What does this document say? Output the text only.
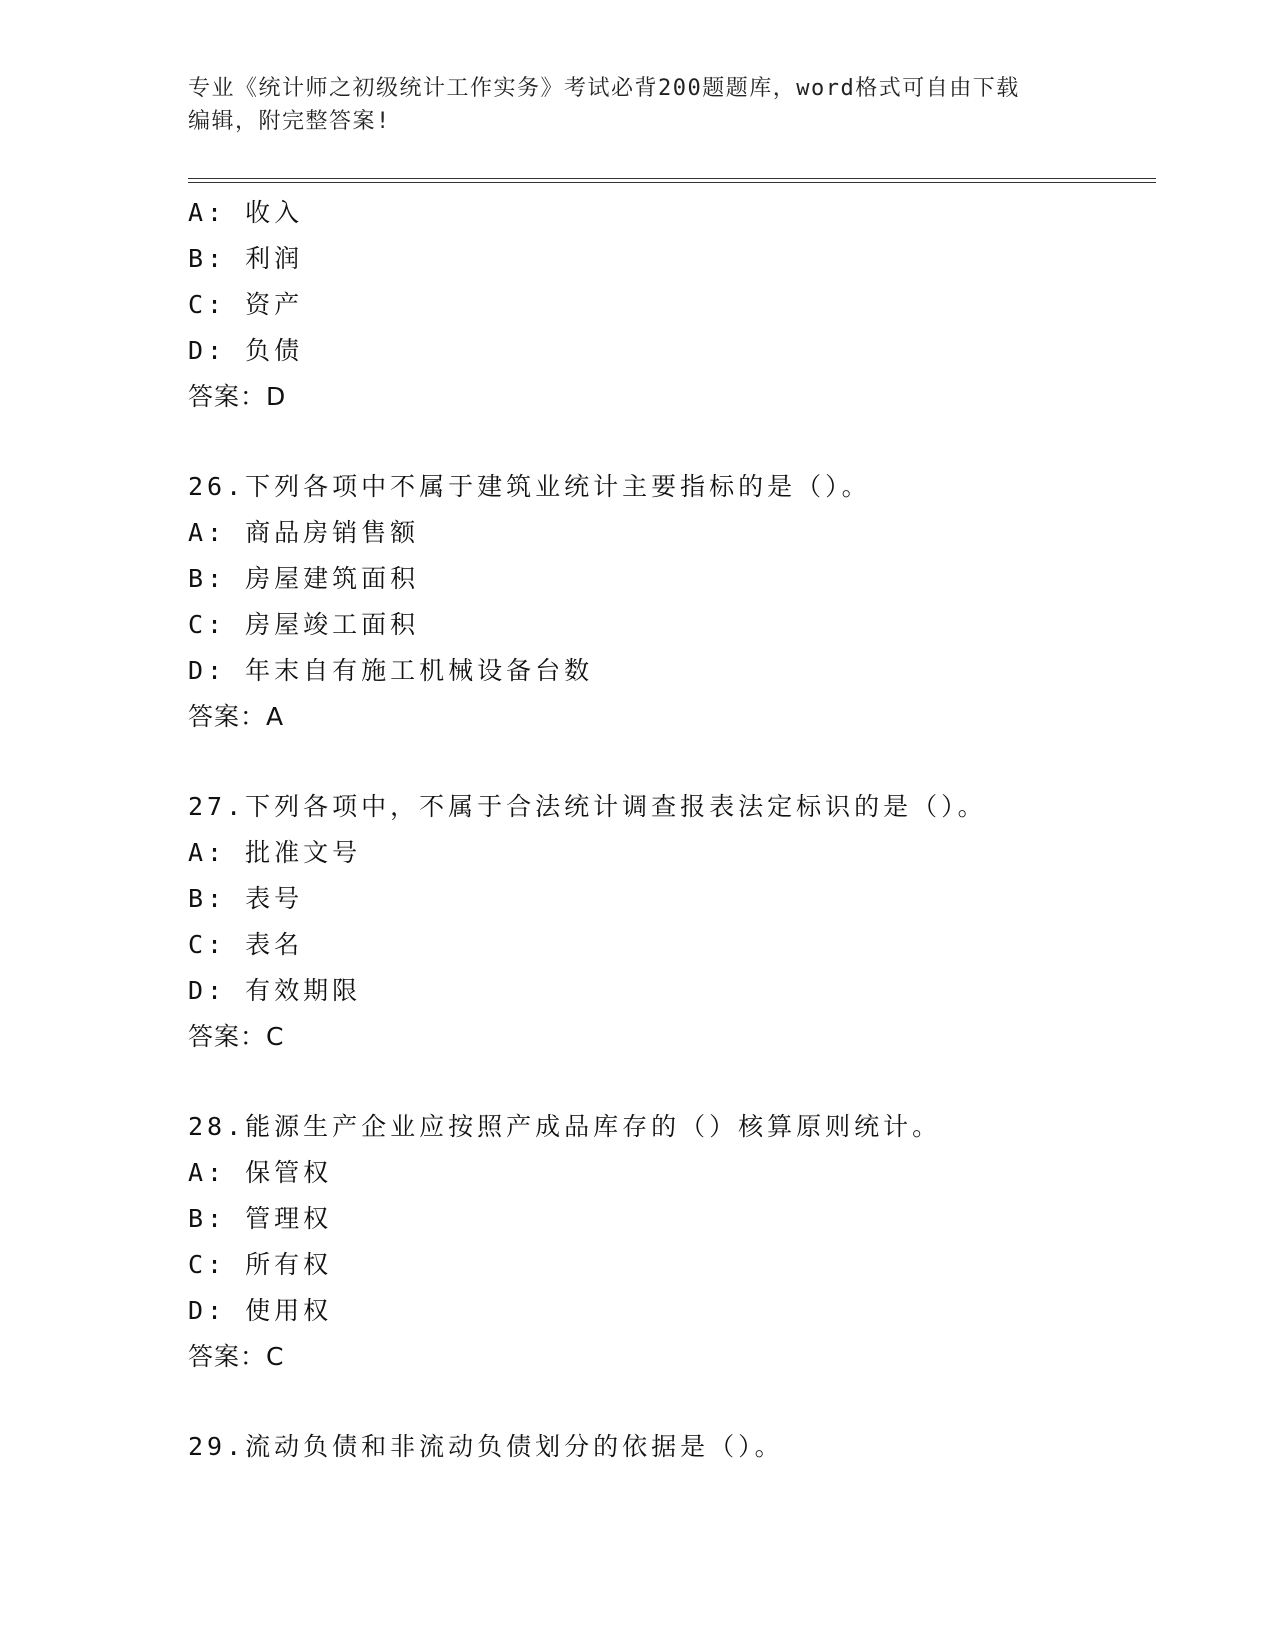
专业《统计师之初级统计工作实务》考试必背200题题库，word格式可自由下载
编辑，附完整答案!
A: 收入
B: 利润
C: 资产
D: 负债
答案：D
26.下列各项中不属于建筑业统计主要指标的是（）。
A: 商品房销售额
B: 房屋建筑面积
C: 房屋竣工面积
D: 年末自有施工机械设备台数
答案：A
27.下列各项中，不属于合法统计调查报表法定标识的是（）。
A: 批准文号
B: 表号
C: 表名
D: 有效期限
答案：C
28.能源生产企业应按照产成品库存的（）核算原则统计。
A: 保管权
B: 管理权
C: 所有权
D: 使用权
答案：C
29.流动负债和非流动负债划分的依据是（）。
